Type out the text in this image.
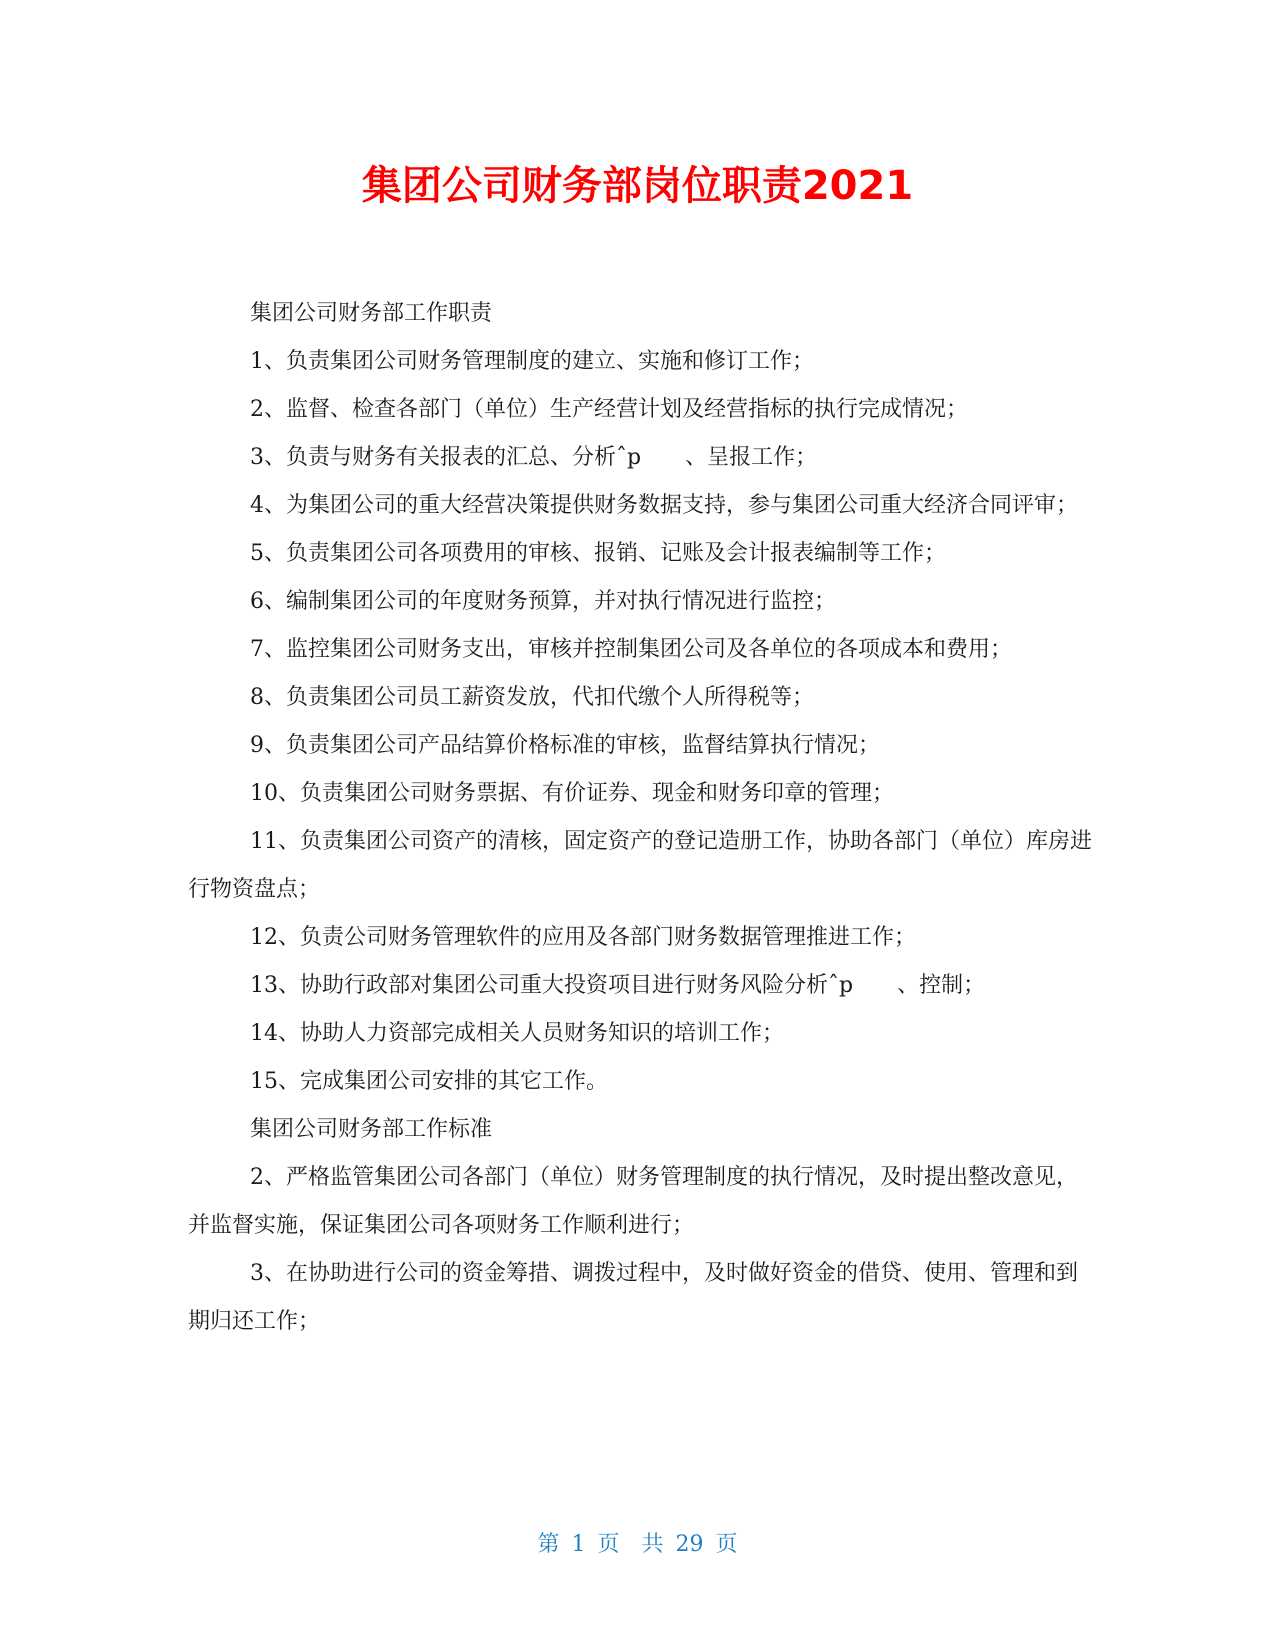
集团公司财务部岗位职责2021

集团公司财务部工作职责

1、负责集团公司财务管理制度的建立、实施和修订工作；

2、监督、检查各部门（单位）生产经营计划及经营指标的执行完成情况；

3、负责与财务有关报表的汇总、分析ˆp　　、呈报工作；

4、为集团公司的重大经营决策提供财务数据支持，参与集团公司重大经济合同评审；

5、负责集团公司各项费用的审核、报销、记账及会计报表编制等工作；

6、编制集团公司的年度财务预算，并对执行情况进行监控；

7、监控集团公司财务支出，审核并控制集团公司及各单位的各项成本和费用；

8、负责集团公司员工薪资发放，代扣代缴个人所得税等；

9、负责集团公司产品结算价格标准的审核，监督结算执行情况；

10、负责集团公司财务票据、有价证券、现金和财务印章的管理；

11、负责集团公司资产的清核，固定资产的登记造册工作，协助各部门（单位）库房进行物资盘点；

12、负责公司财务管理软件的应用及各部门财务数据管理推进工作；

13、协助行政部对集团公司重大投资项目进行财务风险分析ˆp　　、控制；

14、协助人力资部完成相关人员财务知识的培训工作；

15、完成集团公司安排的其它工作。

集团公司财务部工作标准

2、严格监管集团公司各部门（单位）财务管理制度的执行情况，及时提出整改意见，并监督实施，保证集团公司各项财务工作顺利进行；

3、在协助进行公司的资金筹措、调拨过程中，及时做好资金的借贷、使用、管理和到期归还工作；

第 1 页　共 29 页
